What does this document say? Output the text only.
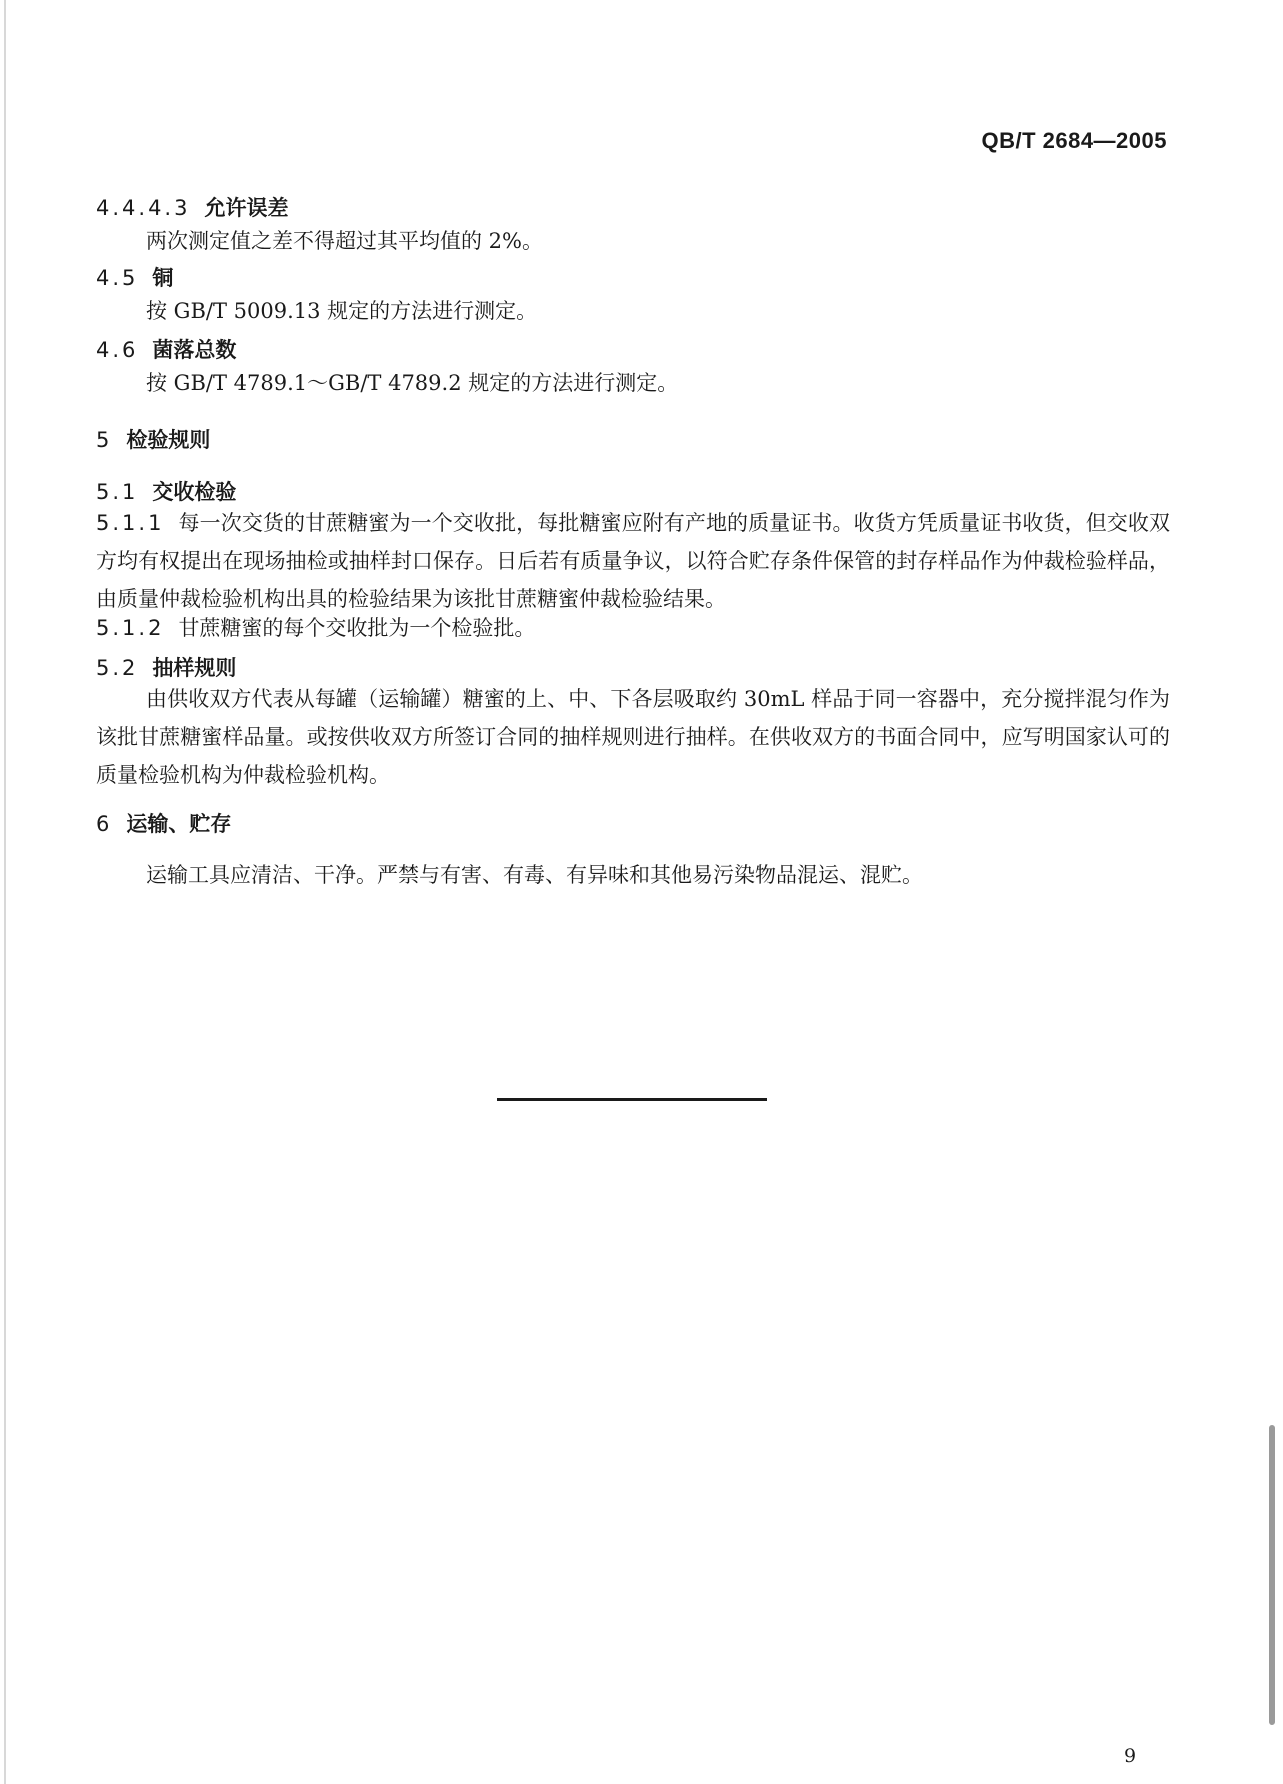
QB/T 2684—2005
4.4.4.3 允许误差
两次测定值之差不得超过其平均值的 2%。
4.5 铜
按 GB/T 5009.13 规定的方法进行测定。
4.6 菌落总数
按 GB/T 4789.1～GB/T 4789.2 规定的方法进行测定。
5 检验规则
5.1 交收检验
5.1.1 每一次交货的甘蔗糖蜜为一个交收批，每批糖蜜应附有产地的质量证书。收货方凭质量证书收货，但交收双方均有权提出在现场抽检或抽样封口保存。日后若有质量争议，以符合贮存条件保管的封存样品作为仲裁检验样品，由质量仲裁检验机构出具的检验结果为该批甘蔗糖蜜仲裁检验结果。
5.1.2 甘蔗糖蜜的每个交收批为一个检验批。
5.2 抽样规则
由供收双方代表从每罐（运输罐）糖蜜的上、中、下各层吸取约 30mL 样品于同一容器中，充分搅拌混匀作为该批甘蔗糖蜜样品量。或按供收双方所签订合同的抽样规则进行抽样。在供收双方的书面合同中，应写明国家认可的质量检验机构为仲裁检验机构。
6 运输、贮存
运输工具应清洁、干净。严禁与有害、有毒、有异味和其他易污染物品混运、混贮。
9
